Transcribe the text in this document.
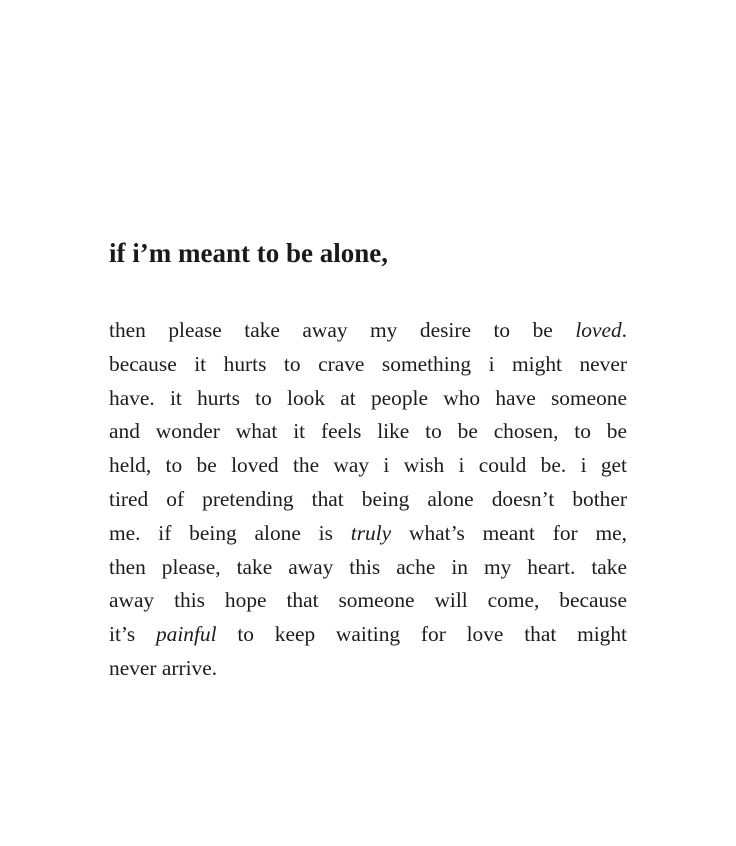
if i’m meant to be alone,
then please take away my desire to be loved.
because it hurts to crave something i might never
have. it hurts to look at people who have someone
and wonder what it feels like to be chosen, to be
held, to be loved the way i wish i could be. i get
tired of pretending that being alone doesn’t bother
me. if being alone is truly what’s meant for me,
then please, take away this ache in my heart. take
away this hope that someone will come, because
it’s painful to keep waiting for love that might
never arrive.
